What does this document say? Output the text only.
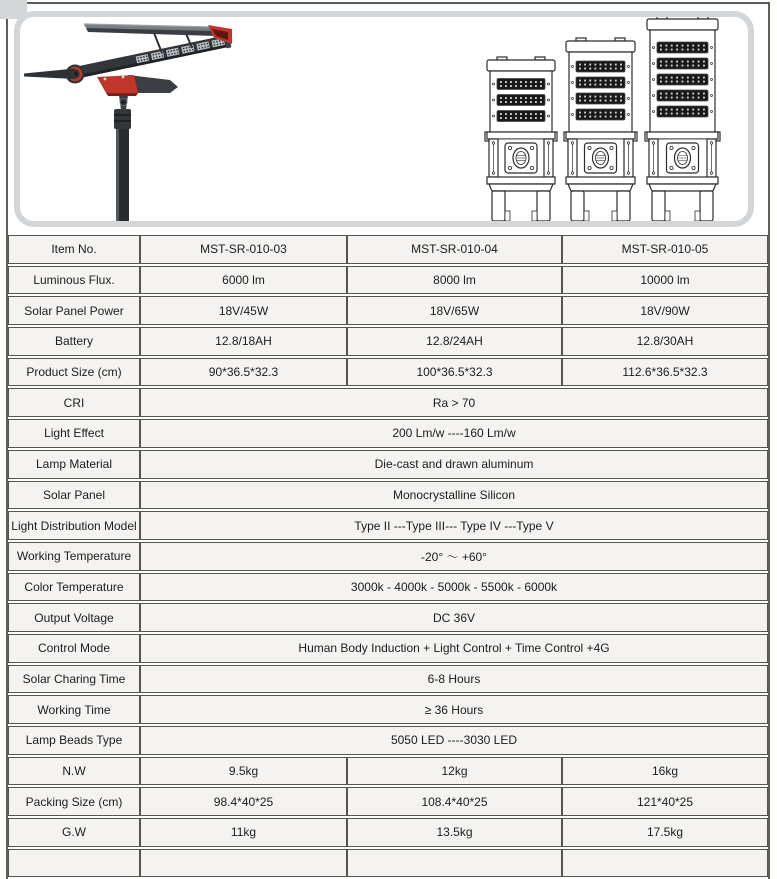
Item No.	MST-SR-010-03	MST-SR-010-04	MST-SR-010-05
Luminous Flux.	6000 lm	8000 lm	10000 lm
Solar Panel Power	18V/45W	18V/65W	18V/90W
Battery	12.8/18AH	12.8/24AH	12.8/30AH
Product Size (cm)	90*36.5*32.3	100*36.5*32.3	112.6*36.5*32.3
CRI	Ra > 70		
Light Effect	200 Lm/w ----160 Lm/w		
Lamp Material	Die-cast and drawn aluminum		
Solar Panel	Monocrystalline Silicon		
Light Distribution Model	Type II ---Type III--- Type IV ---Type V		
Working Temperature	-20° ～ +60°		
Color Temperature	3000k - 4000k - 5000k - 5500k - 6000k		
Output Voltage	DC 36V		
Control Mode	Human Body Induction + Light Control + Time Control +4G		
Solar Charing Time	6-8 Hours		
Working Time	≥ 36 Hours		
Lamp Beads Type	5050 LED ----3030 LED		
N.W	9.5kg	12kg	16kg
Packing Size (cm)	98.4*40*25	108.4*40*25	121*40*25
G.W	11kg	13.5kg	17.5kg
